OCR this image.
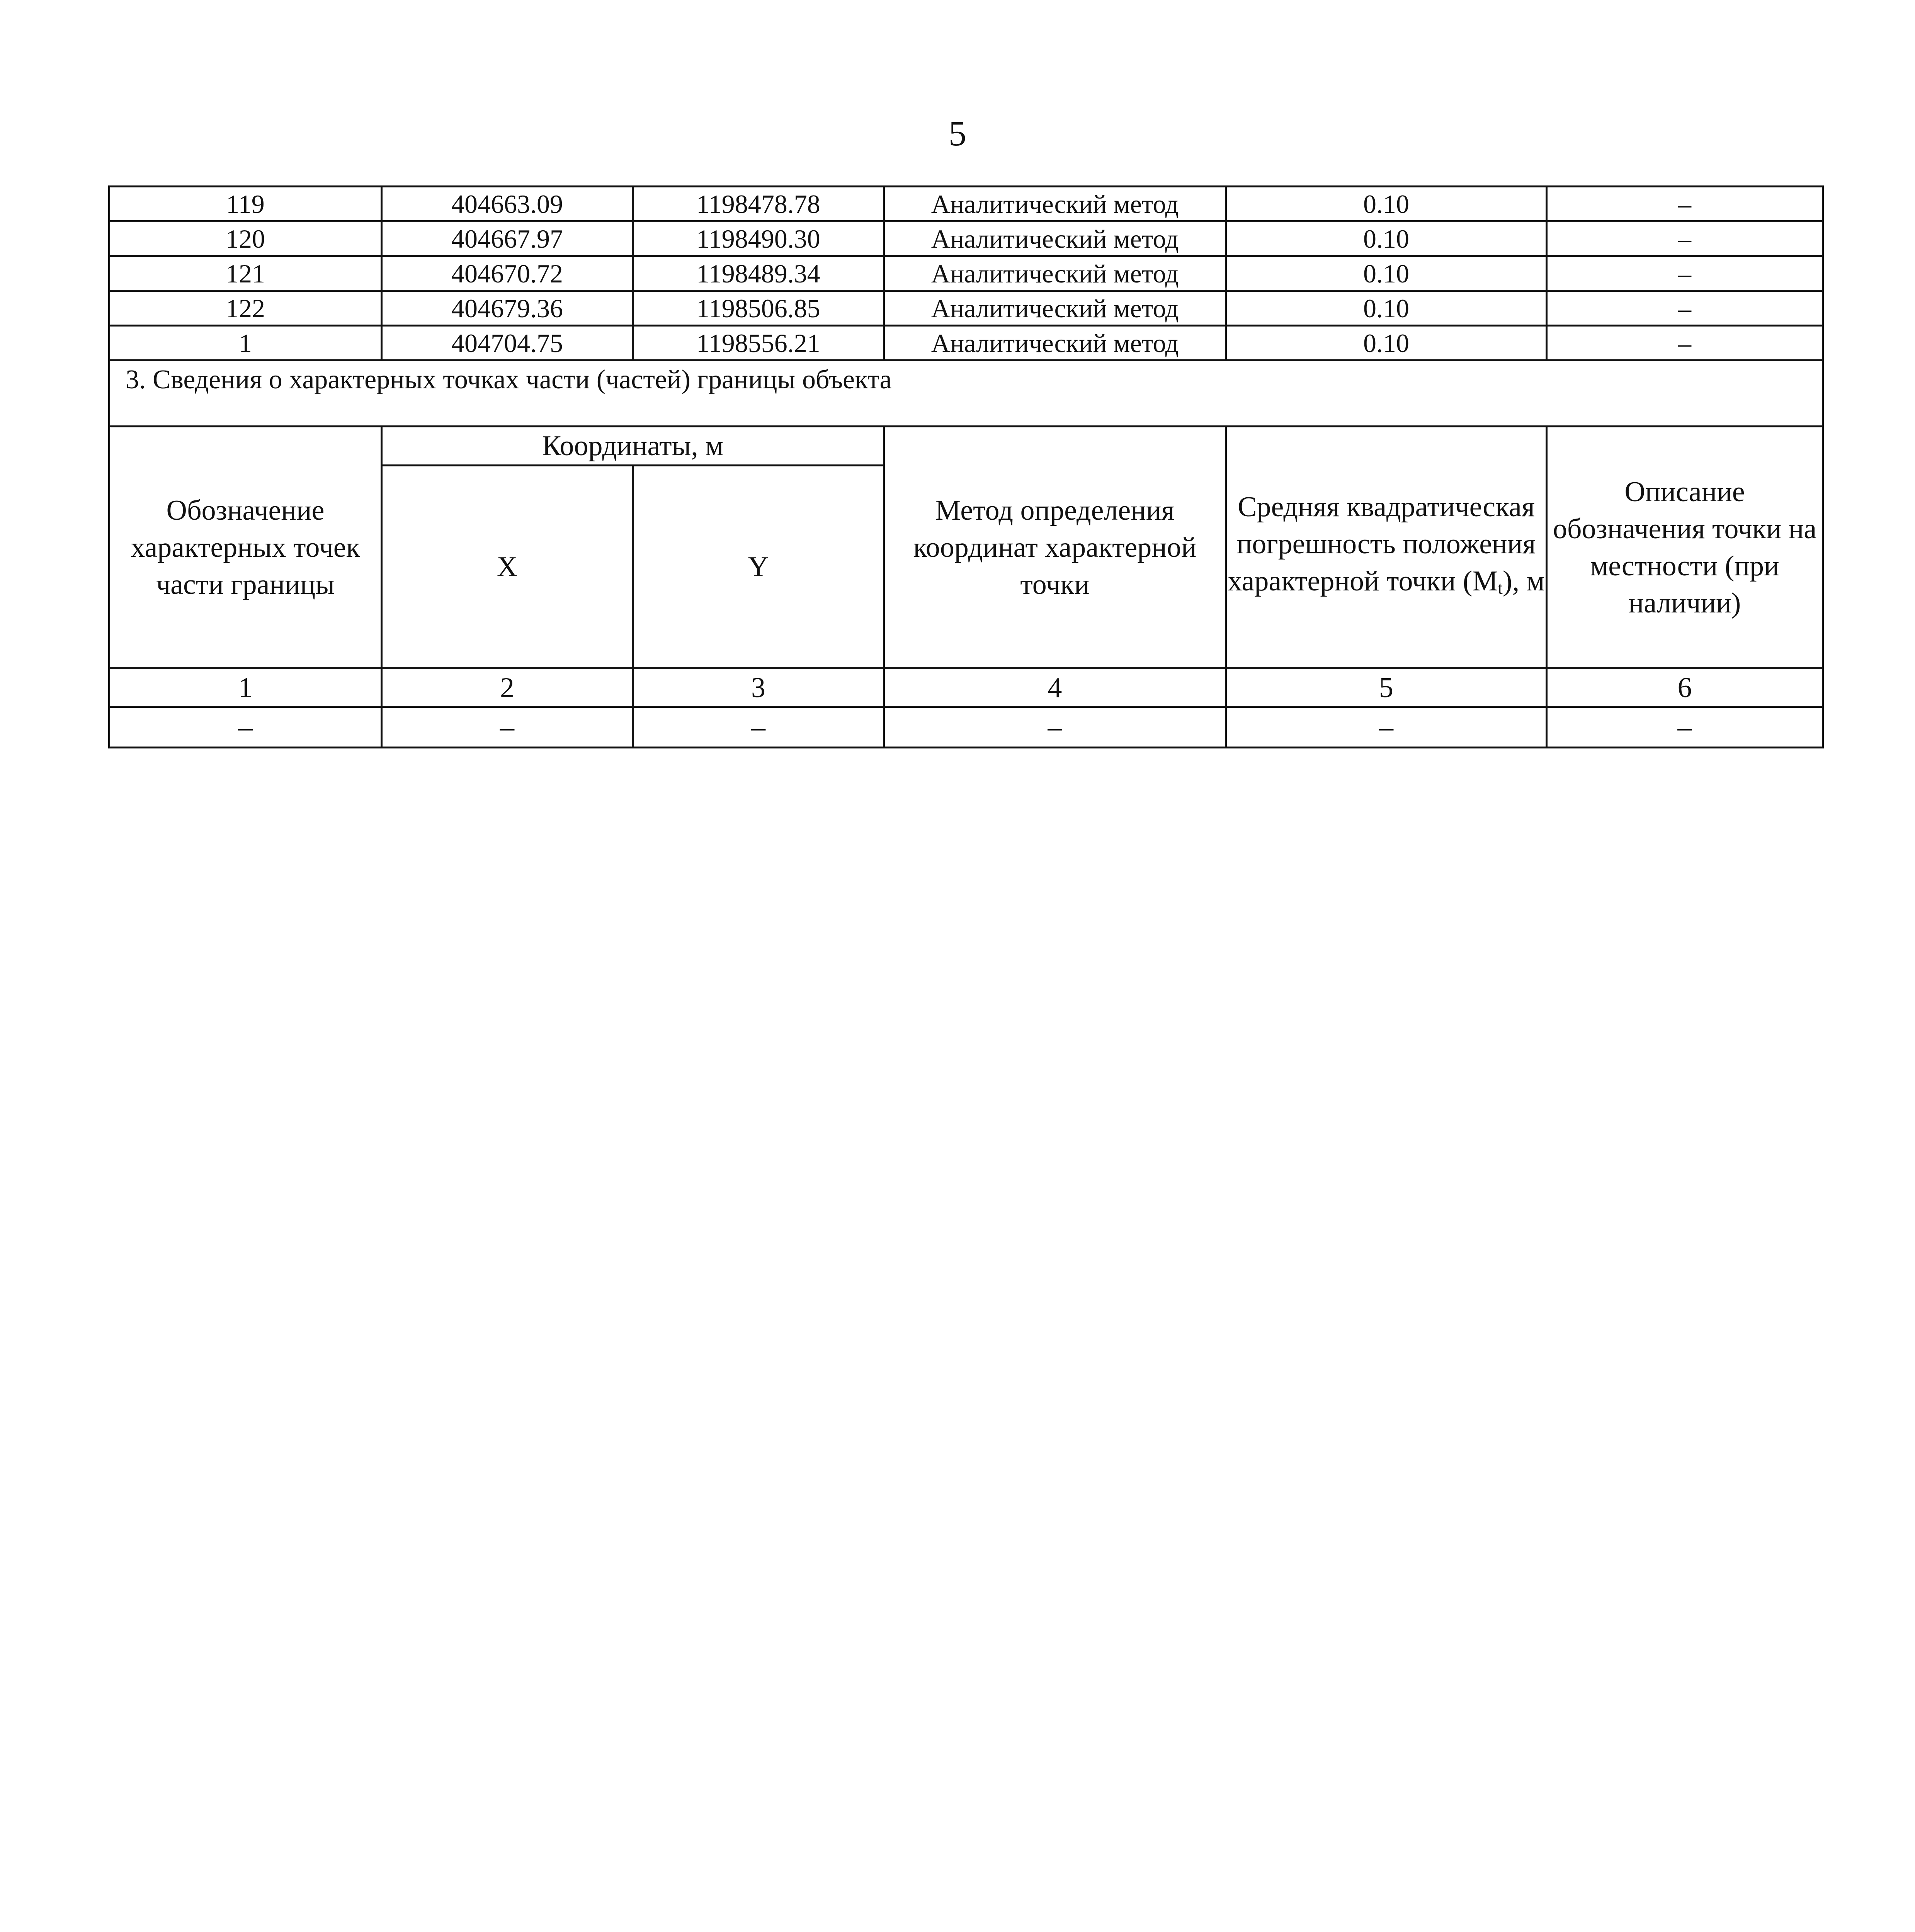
5
119	404663.09	1198478.78	Аналитический метод	0.10	–
120	404667.97	1198490.30	Аналитический метод	0.10	–
121	404670.72	1198489.34	Аналитический метод	0.10	–
122	404679.36	1198506.85	Аналитический метод	0.10	–
1	404704.75	1198556.21	Аналитический метод	0.10	–
3. Сведения о характерных точках части (частей) границы объекта					
Обозначение характерных точек части границы	Координаты, м		Метод определения координат характерной точки	Средняя квадратическая погрешность положения характерной точки (Mt), м	Описание обозначения точки на местности (при наличии)
	X	Y			
1	2	3	4	5	6
–	–	–	–	–	–
